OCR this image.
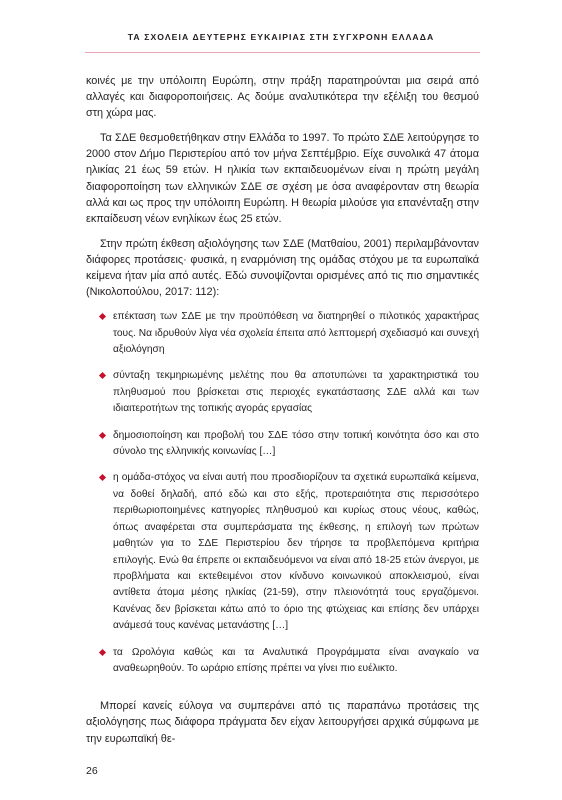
ΤΑ ΣΧΟΛΕΙΑ ΔΕΥΤΕΡΗΣ ΕΥΚΑΙΡΙΑΣ ΣΤΗ ΣΥΓΧΡΟΝΗ ΕΛΛΑΔΑ

κοινές με την υπόλοιπη Ευρώπη, στην πράξη παρατηρούνται μια σειρά από αλλαγές και διαφοροποιήσεις. Ας δούμε αναλυτικότερα την εξέλιξη του θεσμού στη χώρα μας.

Τα ΣΔΕ θεσμοθετήθηκαν στην Ελλάδα το 1997. Το πρώτο ΣΔΕ λειτούργησε το 2000 στον Δήμο Περιστερίου από τον μήνα Σεπτέμβριο. Είχε συνολικά 47 άτομα ηλικίας 21 έως 59 ετών. Η ηλικία των εκπαιδευομένων είναι η πρώτη μεγάλη διαφοροποίηση των ελληνικών ΣΔΕ σε σχέση με όσα αναφέρονταν στη θεωρία αλλά και ως προς την υπόλοιπη Ευρώπη. Η θεωρία μιλούσε για επανένταξη στην εκπαίδευση νέων ενηλίκων έως 25 ετών.

Στην πρώτη έκθεση αξιολόγησης των ΣΔΕ (Ματθαίου, 2001) περιλαμβάνονταν διάφορες προτάσεις· φυσικά, η εναρμόνιση της ομάδας στόχου με τα ευρωπαϊκά κείμενα ήταν μία από αυτές. Εδώ συνοψίζονται ορισμένες από τις πιο σημαντικές (Νικολοπούλου, 2017: 112):

επέκταση των ΣΔΕ με την προϋπόθεση να διατηρηθεί ο πιλοτικός χαρακτήρας τους. Να ιδρυθούν λίγα νέα σχολεία έπειτα από λεπτομερή σχεδιασμό και συνεχή αξιολόγηση
σύνταξη τεκμηριωμένης μελέτης που θα αποτυπώνει τα χαρακτηριστικά του πληθυσμού που βρίσκεται στις περιοχές εγκατάστασης ΣΔΕ αλλά και των ιδιαιτεροτήτων της τοπικής αγοράς εργασίας
δημοσιοποίηση και προβολή του ΣΔΕ τόσο στην τοπική κοινότητα όσο και στο σύνολο της ελληνικής κοινωνίας […]
η ομάδα-στόχος να είναι αυτή που προσδιορίζουν τα σχετικά ευρωπαϊκά κείμενα, να δοθεί δηλαδή, από εδώ και στο εξής, προτεραιότητα στις περισσότερο περιθωριοποιημένες κατηγορίες πληθυσμού και κυρίως στους νέους, καθώς, όπως αναφέρεται στα συμπεράσματα της έκθεσης, η επιλογή των πρώτων μαθητών για το ΣΔΕ Περιστερίου δεν τήρησε τα προβλεπόμενα κριτήρια επιλογής. Ενώ θα έπρεπε οι εκπαιδευόμενοι να είναι από 18-25 ετών άνεργοι, με προβλήματα και εκτεθειμένοι στον κίνδυνο κοινωνικού αποκλεισμού, είναι αντίθετα άτομα μέσης ηλικίας (21-59), στην πλειονότητά τους εργαζόμενοι. Κανένας δεν βρίσκεται κάτω από το όριο της φτώχειας και επίσης δεν υπάρχει ανάμεσά τους κανένας μετανάστης […]
τα Ωρολόγια καθώς και τα Αναλυτικά Προγράμματα είναι αναγκαίο να αναθεωρηθούν. Το ωράριο επίσης πρέπει να γίνει πιο ευέλικτο.

Μπορεί κανείς εύλογα να συμπεράνει από τις παραπάνω προτάσεις της αξιολόγησης πως διάφορα πράγματα δεν είχαν λειτουργήσει αρχικά σύμφωνα με την ευρωπαϊκή θε-

26
